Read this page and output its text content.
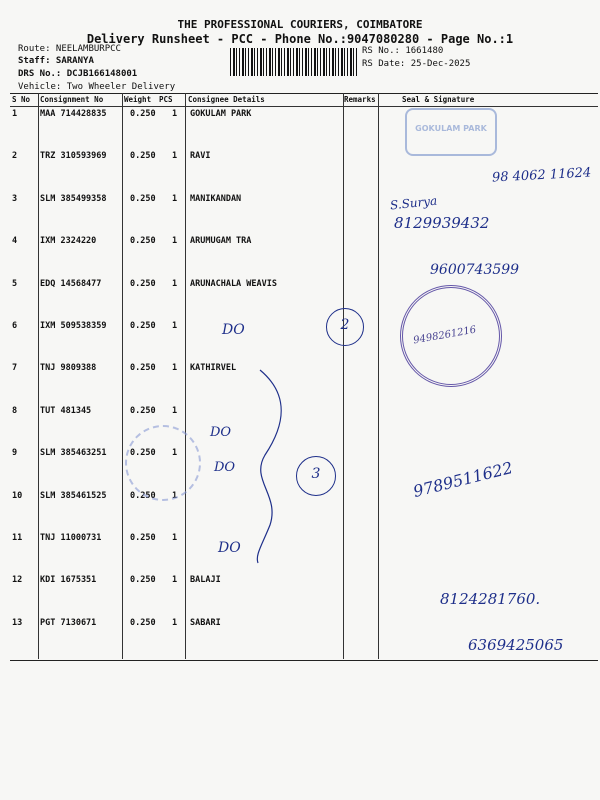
THE PROFESSIONAL COURIERS, COIMBATORE
Delivery Runsheet - PCC - Phone No.:9047080280 - Page No.:1
Route: NEELAMBURPCC
Staff: SARANYA
DRS No.: DCJB166148001
Vehicle: Two Wheeler Delivery
RS No.: 1661480
RS Date: 25-Dec-2025
S No Consignment No	Weight PCS Consignee Details	Remarks	Seal & Signature
1	MAA 714428835	0.250 1 GOKULAM PARK
2	TRZ 310593969	0.250 1 RAVI
3	SLM 385499358	0.250 1 MANIKANDAN
4	IXM 2324220	0.250 1 ARUMUGAM TRA
5	EDQ 14568477	0.250 1 ARUNACHALA WEAVIS
6	IXM 509538359	0.250 1
7	TNJ 9809388	0.250 1 KATHIRVEL
8	TUT 481345	0.250 1
9	SLM 385463251	0.250 1
10 SLM 385461525	0.250 1
11 TNJ 11000731	0.250 1
12 KDI 1675351	0.250 1 BALAJI
13 PGT 7130671	0.250 1 SABARI
GOKULAM PARK
98 4062 11624
S.Surya
8129939432
9600743599
9498261216
DO
DO
DO
DO
2
3	9789511622
8124281760.
6369425065
